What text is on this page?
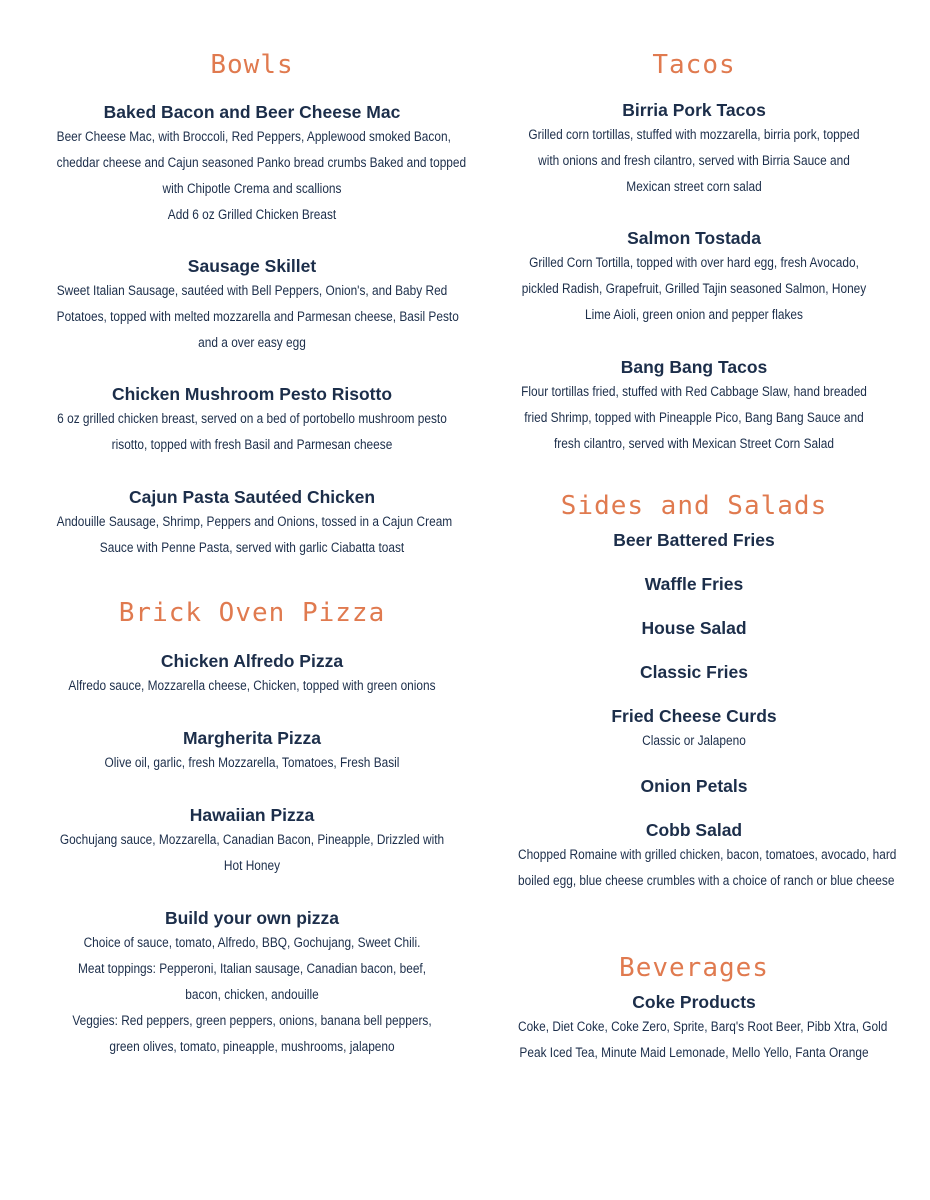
Bowls
Baked Bacon and Beer Cheese Mac
Beer Cheese Mac, with Broccoli, Red Peppers, Applewood smoked Bacon,
cheddar cheese and Cajun seasoned Panko bread crumbs Baked and topped
with Chipotle Crema and scallions
Add 6 oz Grilled Chicken Breast
Sausage Skillet
Sweet Italian Sausage, sautéed with Bell Peppers, Onion's, and Baby Red
Potatoes, topped with melted mozzarella and Parmesan cheese, Basil Pesto
and a over easy egg
Chicken Mushroom Pesto Risotto
6 oz grilled chicken breast, served on a bed of portobello mushroom pesto
risotto, topped with fresh Basil and Parmesan cheese
Cajun Pasta Sautéed Chicken
Andouille Sausage, Shrimp, Peppers and Onions, tossed in a Cajun Cream
Sauce with Penne Pasta, served with garlic Ciabatta toast
Brick Oven Pizza
Chicken Alfredo Pizza
Alfredo sauce, Mozzarella cheese, Chicken, topped with green onions
Margherita Pizza
Olive oil, garlic, fresh Mozzarella, Tomatoes, Fresh Basil
Hawaiian Pizza
Gochujang sauce, Mozzarella, Canadian Bacon, Pineapple, Drizzled with
Hot Honey
Build your own pizza
Choice of sauce, tomato, Alfredo, BBQ, Gochujang, Sweet Chili.
Meat toppings: Pepperoni, Italian sausage, Canadian bacon, beef,
bacon, chicken, andouille
Veggies: Red peppers, green peppers, onions, banana bell peppers,
green olives, tomato, pineapple, mushrooms, jalapeno
Tacos
Birria Pork Tacos
Grilled corn tortillas, stuffed with mozzarella, birria pork, topped
with onions and fresh cilantro, served with Birria Sauce and
Mexican street corn salad
Salmon Tostada
Grilled Corn Tortilla, topped with over hard egg, fresh Avocado,
pickled Radish, Grapefruit, Grilled Tajin seasoned Salmon, Honey
Lime Aioli, green onion and pepper flakes
Bang Bang Tacos
Flour tortillas fried, stuffed with Red Cabbage Slaw, hand breaded
fried Shrimp, topped with Pineapple Pico, Bang Bang Sauce and
fresh cilantro, served with Mexican Street Corn Salad
Sides and Salads
Beer Battered Fries
Waffle Fries
House Salad
Classic Fries
Fried Cheese Curds
Classic or Jalapeno
Onion Petals
Cobb Salad
Chopped Romaine with grilled chicken, bacon, tomatoes, avocado, hard
boiled egg, blue cheese crumbles with a choice of ranch or blue cheese
Beverages
Coke Products
Coke, Diet Coke, Coke Zero, Sprite, Barq's Root Beer, Pibb Xtra, Gold
Peak Iced Tea, Minute Maid Lemonade, Mello Yello, Fanta Orange
